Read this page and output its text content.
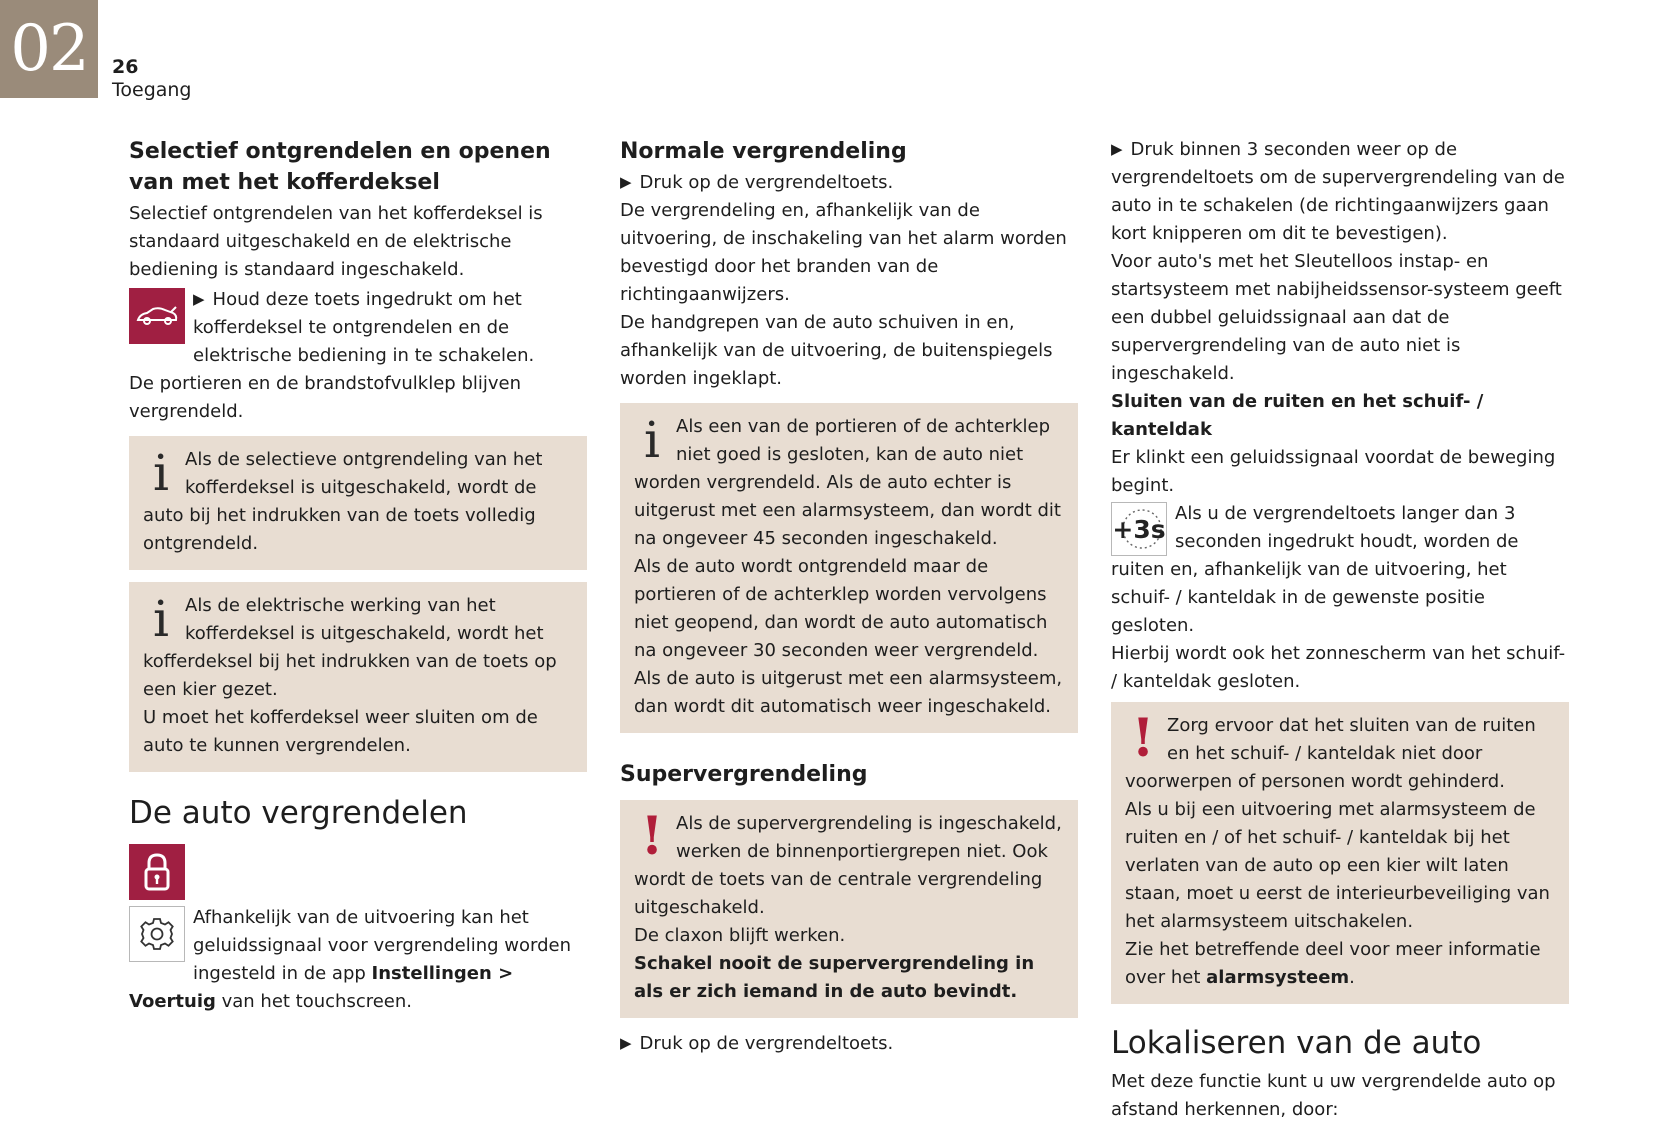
02	26
Toegang
Selectief ontgrendelen en openen van met het kofferdeksel

Selectief ontgrendelen van het kofferdeksel is standaard uitgeschakeld en de elektrische bediening is standaard ingeschakeld.

▶ Houd deze toets ingedrukt om het kofferdeksel te ontgrendelen en de elektrische bediening in te schakelen.

De portieren en de brandstofvulklep blijven vergrendeld.

i Als de selectieve ontgrendeling van het kofferdeksel is uitgeschakeld, wordt de auto bij het indrukken van de toets volledig ontgrendeld.

i Als de elektrische werking van het kofferdeksel is uitgeschakeld, wordt het kofferdeksel bij het indrukken van de toets op een kier gezet.

U moet het kofferdeksel weer sluiten om de auto te kunnen vergrendelen.

De auto vergrendelen

Afhankelijk van de uitvoering kan het geluidssignaal voor vergrendeling worden ingesteld in de app Instellingen > Voertuig van het touchscreen.

Normale vergrendeling

▶ Druk op de vergrendeltoets.

De vergrendeling en, afhankelijk van de uitvoering, de inschakeling van het alarm worden bevestigd door het branden van de richtingaanwijzers.

De handgrepen van de auto schuiven in en, afhankelijk van de uitvoering, de buitenspiegels worden ingeklapt.

i Als een van de portieren of de achterklep niet goed is gesloten, kan de auto niet worden vergrendeld. Als de auto echter is uitgerust met een alarmsysteem, dan wordt dit na ongeveer 45 seconden ingeschakeld.

Als de auto wordt ontgrendeld maar de portieren of de achterklep worden vervolgens niet geopend, dan wordt de auto automatisch na ongeveer 30 seconden weer vergrendeld. Als de auto is uitgerust met een alarmsysteem, dan wordt dit automatisch weer ingeschakeld.

Supervergrendeling
! Als de supervergrendeling is ingeschakeld, werken de binnenportiergrepen niet. Ook wordt de toets van de centrale vergrendeling uitgeschakeld.

De claxon blijft werken.

Schakel nooit de supervergrendeling in als er zich iemand in de auto bevindt.

▶ Druk op de vergrendeltoets.

▶ Druk binnen 3 seconden weer op de vergrendeltoets om de supervergrendeling van de auto in te schakelen (de richtingaanwijzers gaan kort knipperen om dit te bevestigen).

Voor auto's met het Sleutelloos instap- en startsysteem met nabijheidssensor-systeem geeft een dubbel geluidssignaal aan dat de supervergrendeling van de auto niet is ingeschakeld.

Sluiten van de ruiten en het schuif- / kanteldak

Er klinkt een geluidssignaal voordat de beweging begint.

+3s

Als u de vergrendeltoets langer dan 3 seconden ingedrukt houdt, worden de ruiten en, afhankelijk van de uitvoering, het schuif- / kanteldak in de gewenste positie gesloten.

Hierbij wordt ook het zonnescherm van het schuif- / kanteldak gesloten.

! Zorg ervoor dat het sluiten van de ruiten en het schuif- / kanteldak niet door voorwerpen of personen wordt gehinderd.

Als u bij een uitvoering met alarmsysteem de ruiten en / of het schuif- / kanteldak bij het verlaten van de auto op een kier wilt laten staan, moet u eerst de interieurbeveiliging van het alarmsysteem uitschakelen.

Zie het betreffende deel voor meer informatie over het alarmsysteem.

Lokaliseren van de auto

Met deze functie kunt u uw vergrendelde auto op afstand herkennen, door:
